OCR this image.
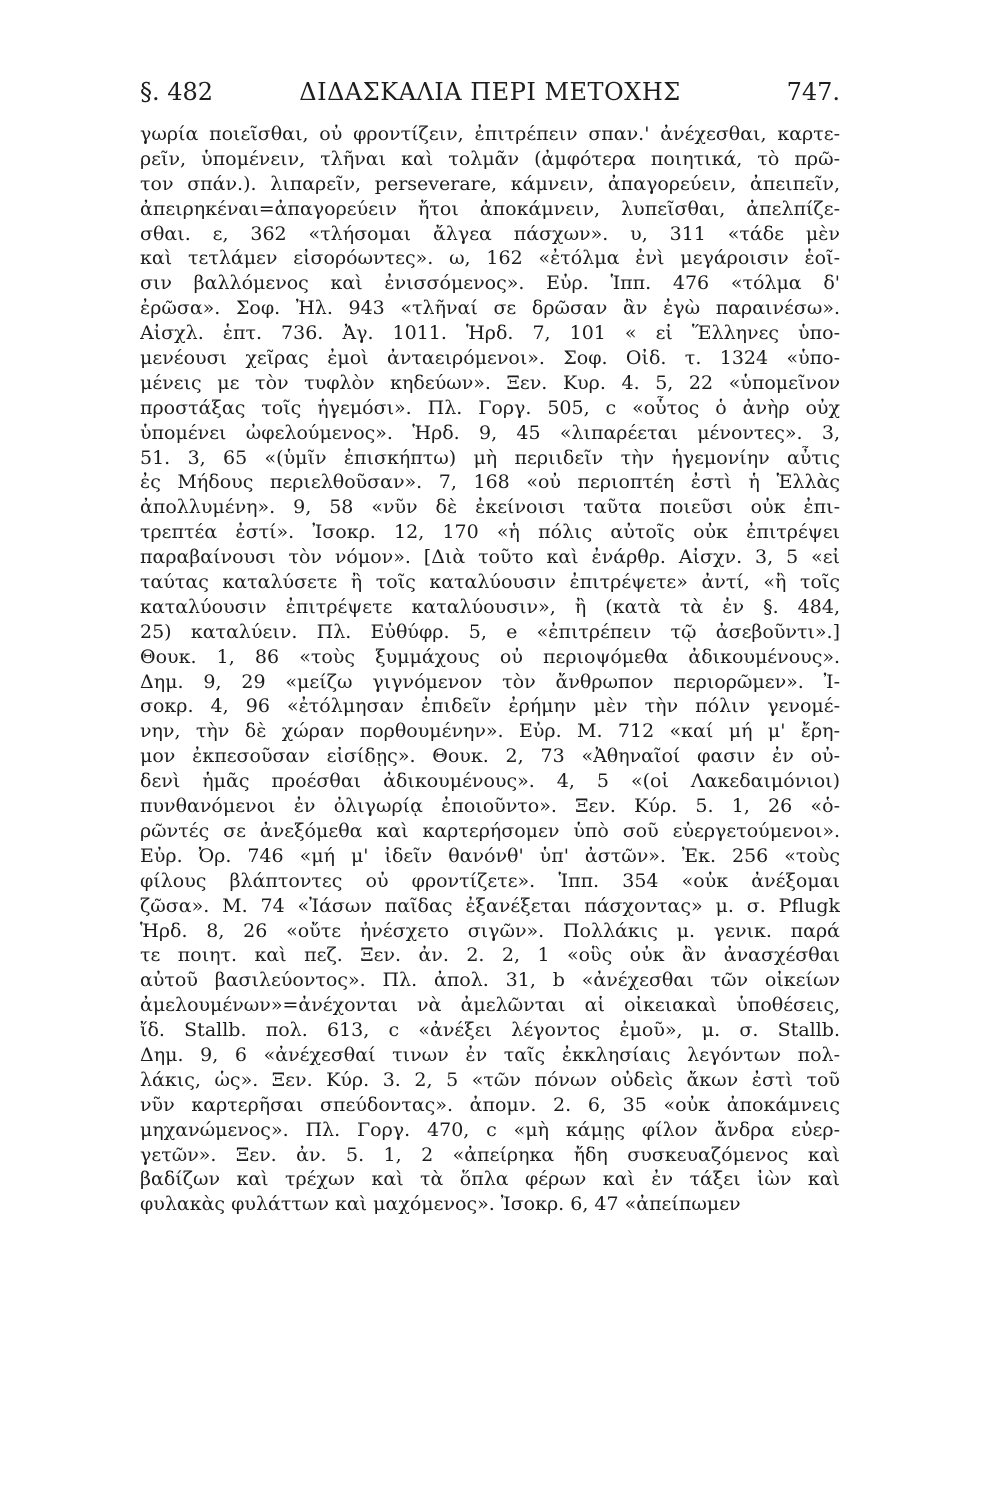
§. 482	ΔΙΔΑΣΚΑΛΙΑ ΠΕΡΙ ΜΕΤΟΧΗΣ	747.
γωρία ποιεῖσθαι, οὐ φροντίζειν, ἐπιτρέπειν σπαν.' ἀνέχεσθαι, καρτε-
ρεῖν, ὑπομένειν, τλῆναι καὶ τολμᾶν (ἀμφότερα ποιητικά, τὸ πρῶ-
τον σπάν.). λιπαρεῖν, perseverare, κάμνειν, ἀπαγορεύειν, ἀπειπεῖν,
ἀπειρηκέναι=ἀπαγορεύειν ἤτοι ἀποκάμνειν, λυπεῖσθαι, ἀπελπίζε-
σθαι. ε, 362 «τλήσομαι ἄλγεα πάσχων». υ, 311 «τάδε μὲν
καὶ τετλάμεν εἰσορόωντες». ω, 162 «ἐτόλμα ἐνὶ μεγάροισιν ἑοῖ-
σιν βαλλόμενος καὶ ἐνισσόμενος». Εὐρ. Ἱππ. 476 «τόλμα δ'
ἐρῶσα». Σοφ. Ἠλ. 943 «τλῆναί σε δρῶσαν ἂν ἐγὼ παραινέσω».
Αἰσχλ. ἑπτ. 736. Ἀγ. 1011. Ἡρδ. 7, 101 « εἰ Ἕλληνες ὑπο-
μενέουσι χεῖρας ἐμοὶ ἀνταειρόμενοι». Σοφ. Οἰδ. τ. 1324 «ὑπο-
μένεις με τὸν τυφλὸν κηδεύων». Ξεν. Κυρ. 4. 5, 22 «ὑπομεῖνον
προστάξας τοῖς ἡγεμόσι». Πλ. Γοργ. 505, c «οὗτος ὁ ἀνὴρ οὐχ
ὑπομένει ὠφελούμενος». Ἡρδ. 9, 45 «λιπαρέεται μένοντες». 3,
51. 3, 65 «(ὑμῖν ἐπισκήπτω) μὴ περιιδεῖν τὴν ἡγεμονίην αὖτις
ἐς Μήδους περιελθοῦσαν». 7, 168 «οὐ περιοπτέη ἐστὶ ἡ Ἑλλὰς
ἀπολλυμένη». 9, 58 «νῦν δὲ ἐκείνοισι ταῦτα ποιεῦσι οὐκ ἐπι-
τρεπτέα ἐστί». Ἰσοκρ. 12, 170 «ἡ πόλις αὐτοῖς οὐκ ἐπιτρέψει
παραβαίνουσι τὸν νόμον». [Διὰ τοῦτο καὶ ἐνάρθρ. Αἰσχν. 3, 5 «εἰ
ταύτας καταλύσετε ἢ τοῖς καταλύουσιν ἐπιτρέψετε» ἀντί, «ἢ τοῖς
καταλύουσιν ἐπιτρέψετε καταλύουσιν», ἢ (κατὰ τὰ ἐν §. 484,
25) καταλύειν. Πλ. Εὐθύφρ. 5, e «ἐπιτρέπειν τῷ ἀσεβοῦντι».]
Θουκ. 1, 86 «τοὺς ξυμμάχους οὐ περιοψόμεθα ἀδικουμένους».
Δημ. 9, 29 «μείζω γιγνόμενον τὸν ἄνθρωπον περιορῶμεν». Ἰ-
σοκρ. 4, 96 «ἐτόλμησαν ἐπιδεῖν ἐρήμην μὲν τὴν πόλιν γενομέ-
νην, τὴν δὲ χώραν πορθουμένην». Εὐρ. Μ. 712 «καί μή μ' ἔρη-
μον ἐκπεσοῦσαν εἰσίδῃς». Θουκ. 2, 73 «Ἀθηναῖοί φασιν ἐν οὐ-
δενὶ ἡμᾶς προέσθαι ἀδικουμένους». 4, 5 «(οἱ Λακεδαιμόνιοι)
πυνθανόμενοι ἐν ὀλιγωρίᾳ ἐποιοῦντο». Ξεν. Κύρ. 5. 1, 26 «ὁ-
ρῶντές σε ἀνεξόμεθα καὶ καρτερήσομεν ὑπὸ σοῦ εὐεργετούμενοι».
Εὐρ. Ὀρ. 746 «μή μ' ἰδεῖν θανόνθ' ὑπ' ἀστῶν». Ἐκ. 256 «τοὺς
φίλους βλάπτοντες οὐ φροντίζετε». Ἱππ. 354 «οὐκ ἀνέξομαι
ζῶσα». Μ. 74 «Ἰάσων παῖδας ἐξανέξεται πάσχοντας» μ. σ. Pflugk
Ἡρδ. 8, 26 «οὔτε ἠνέσχετο σιγῶν». Πολλάκις μ. γενικ. παρά
τε ποιητ. καὶ πεζ. Ξεν. ἀν. 2. 2, 1 «οὓς οὐκ ἂν ἀνασχέσθαι
αὐτοῦ βασιλεύοντος». Πλ. ἀπολ. 31, b «ἀνέχεσθαι τῶν οἰκείων
ἀμελουμένων»=ἀνέχονται νὰ ἀμελῶνται αἱ οἰκειακαὶ ὑποθέσεις,
ἴδ. Stallb. πολ. 613, c «ἀνέξει λέγοντος ἐμοῦ», μ. σ. Stallb.
Δημ. 9, 6 «ἀνέχεσθαί τινων ἐν ταῖς ἐκκλησίαις λεγόντων πολ-
λάκις, ὡς». Ξεν. Κύρ. 3. 2, 5 «τῶν πόνων οὐδεὶς ἄκων ἐστὶ τοῦ
νῦν καρτερῆσαι σπεύδοντας». ἀπομν. 2. 6, 35 «οὐκ ἀποκάμνεις
μηχανώμενος». Πλ. Γοργ. 470, c «μὴ κάμῃς φίλον ἄνδρα εὐερ-
γετῶν». Ξεν. ἀν. 5. 1, 2 «ἀπείρηκα ἤδη συσκευαζόμενος καὶ
βαδίζων καὶ τρέχων καὶ τὰ ὅπλα φέρων καὶ ἐν τάξει ἰὼν καὶ
φυλακὰς φυλάττων καὶ μαχόμενος». Ἰσοκρ. 6, 47 «ἀπείπωμεν
